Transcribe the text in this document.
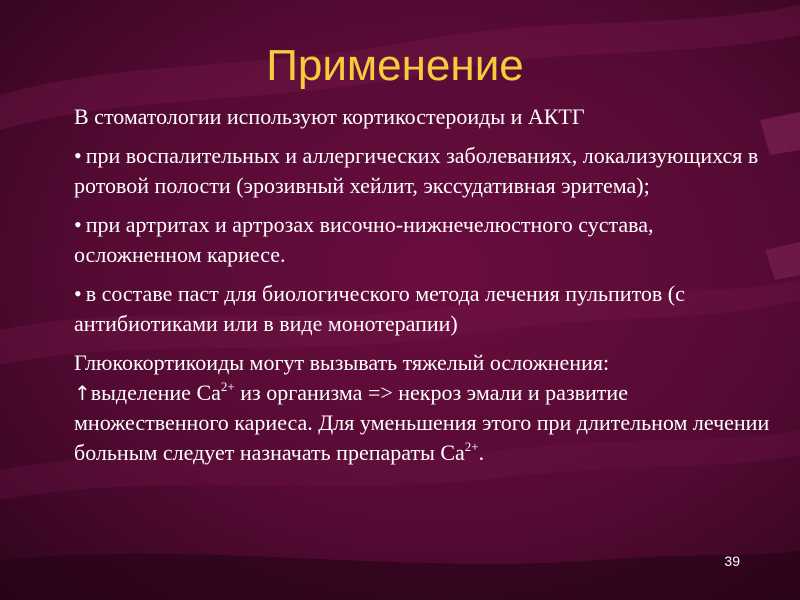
Применение

В стоматологии используют кортикостероиды и АКТГ

• при воспалительных и аллергических заболеваниях, локализующихся в ротовой полости (эрозивный хейлит, экссудативная эритема);

• при артритах и артрозах височно-нижнечелюстного сустава, осложненном кариесе.

• в составе паст для биологического метода лечения пульпитов (с антибиотиками или в виде монотерапии)

Глюкокортикоиды могут вызывать тяжелый осложнения:
↑выделение $Ca^{2+}$ из организма => некроз эмали и развитие множественного кариеса. Для уменьшения этого при длительном лечении больным следует назначать препараты $Ca^{2+}$.

39
